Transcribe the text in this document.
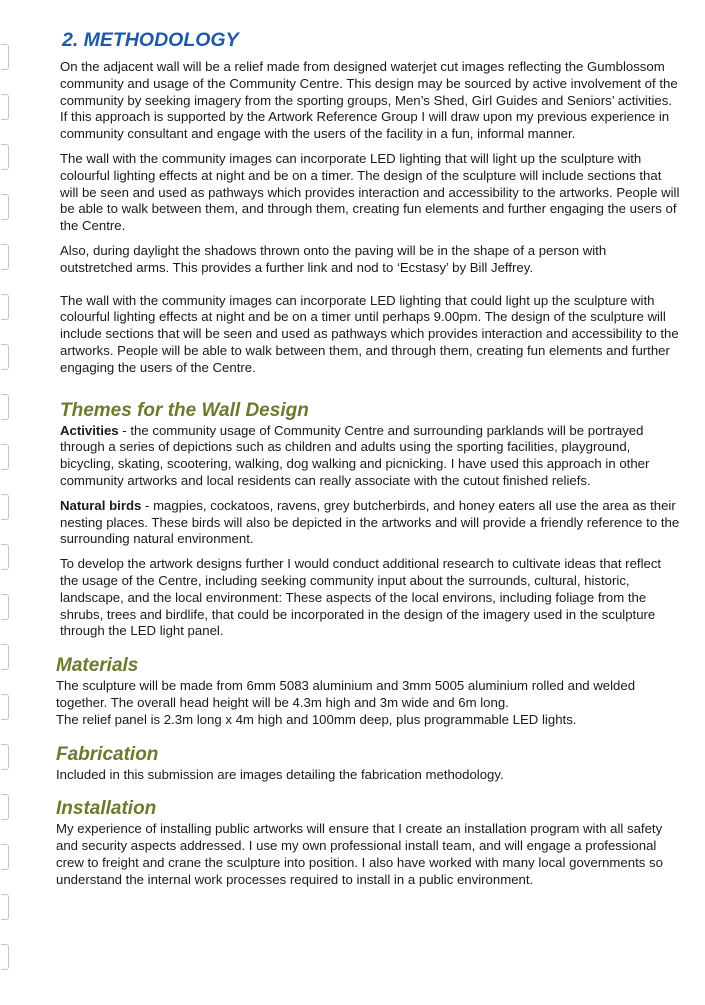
2. METHODOLOGY

On the adjacent wall will be a relief made from designed waterjet cut images reflecting the Gumblossom community and usage of the Community Centre. This design may be sourced by active involvement of the community by seeking imagery from the sporting groups, Men’s Shed, Girl Guides and Seniors’ activities. If this approach is supported by the Artwork Reference Group I will draw upon my previous experience in community consultant and engage with the users of the facility in a fun, informal manner.

The wall with the community images can incorporate LED lighting that will light up the sculpture with colourful lighting effects at night and be on a timer. The design of the sculpture will include sections that will be seen and used as pathways which provides interaction and accessibility to the artworks. People will be able to walk between them, and through them, creating fun elements and further engaging the users of the Centre.

Also, during daylight the shadows thrown onto the paving will be in the shape of a person with outstretched arms. This provides a further link and nod to ‘Ecstasy’ by Bill Jeffrey.

The wall with the community images can incorporate LED lighting that could light up the sculpture with colourful lighting effects at night and be on a timer until perhaps 9.00pm. The design of the sculpture will include sections that will be seen and used as pathways which provides interaction and accessibility to the artworks. People will be able to walk between them, and through them, creating fun elements and further engaging the users of the Centre.

Themes for the Wall Design

Activities - the community usage of Community Centre and surrounding parklands will be portrayed through a series of depictions such as children and adults using the sporting facilities, playground, bicycling, skating, scootering, walking, dog walking and picnicking. I have used this approach in other community artworks and local residents can really associate with the cutout finished reliefs.

Natural birds - magpies, cockatoos, ravens, grey butcherbirds, and honey eaters all use the area as their nesting places. These birds will also be depicted in the artworks and will provide a friendly reference to the surrounding natural environment.

To develop the artwork designs further I would conduct additional research to cultivate ideas that reflect the usage of the Centre, including seeking community input about the surrounds, cultural, historic, landscape, and the local environment: These aspects of the local environs, including foliage from the shrubs, trees and birdlife, that could be incorporated in the design of the imagery used in the sculpture through the LED light panel.

Materials

The sculpture will be made from 6mm 5083 aluminium and 3mm 5005 aluminium rolled and welded together. The overall head height will be 4.3m high and 3m wide and 6m long.

The relief panel is 2.3m long x 4m high and 100mm deep, plus programmable LED lights.

Fabrication

Included in this submission are images detailing the fabrication methodology.

Installation

My experience of installing public artworks will ensure that I create an installation program with all safety and security aspects addressed. I use my own professional install team, and will engage a professional crew to freight and crane the sculpture into position. I also have worked with many local governments so understand the internal work processes required to install in a public environment.
